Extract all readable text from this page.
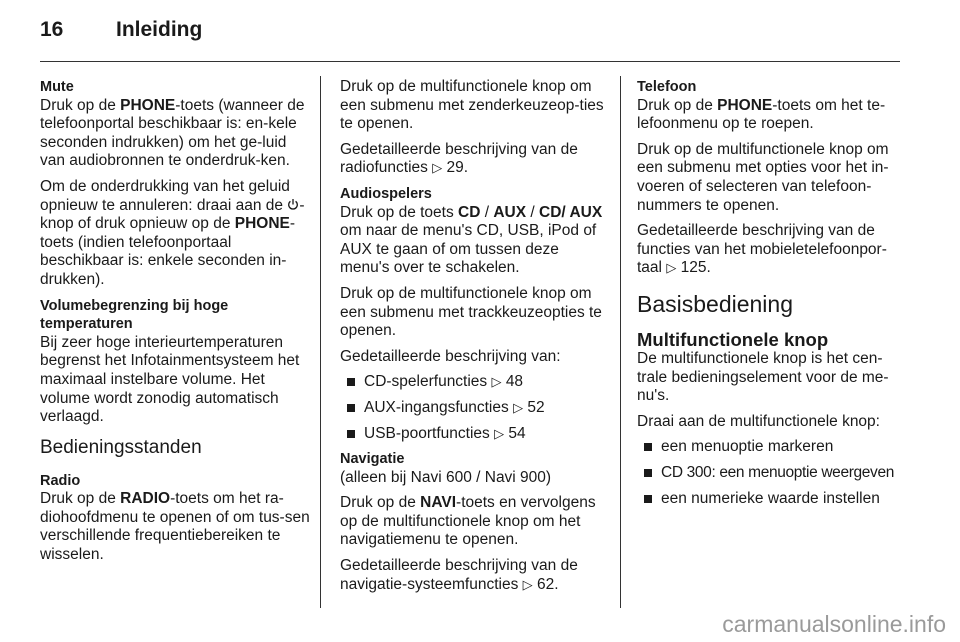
16	Inleiding

Mute
Druk op de PHONE-toets (wanneer de telefoonportal beschikbaar is: en-kele seconden indrukken) om het ge-luid van audiobronnen te onderdruk-ken.

Om de onderdrukking van het geluid opnieuw te annuleren: draai aan de -knop of druk opnieuw op de PHONE-toets (indien telefoonportaal beschikbaar is: enkele seconden in-drukken).

Volumebegrenzing bij hoge temperaturen
Bij zeer hoge interieurtemperaturen begrenst het Infotainmentsysteem het maximaal instelbare volume. Het volume wordt zonodig automatisch verlaagd.

Bedieningsstanden

Radio
Druk op de RADIO-toets om het ra-diohoofdmenu te openen of om tus-sen verschillende frequentiebereiken te wisselen.

Druk op de multifunctionele knop om een submenu met zenderkeuzeop-ties te openen.

Gedetailleerde beschrijving van de radiofuncties ▷ 29.

Audiospelers
Druk op de toets CD / AUX / CD/ AUX om naar de menu's CD, USB, iPod of AUX te gaan of om tussen deze menu's over te schakelen.

Druk op de multifunctionele knop om een submenu met trackkeuzeopties te openen.

Gedetailleerde beschrijving van:

CD-spelerfuncties ▷ 48
AUX-ingangsfuncties ▷ 52
USB-poortfuncties ▷ 54

Navigatie
(alleen bij Navi 600 / Navi 900)

Druk op de NAVI-toets en vervolgens op de multifunctionele knop om het navigatiemenu te openen.

Gedetailleerde beschrijving van de navigatie-systeemfuncties ▷ 62.

Telefoon
Druk op de PHONE-toets om het te-lefoonmenu op te roepen.

Druk op de multifunctionele knop om een submenu met opties voor het in-voeren of selecteren van telefoon-nummers te openen.

Gedetailleerde beschrijving van de functies van het mobieletelefoonpor-taal ▷ 125.

Basisbediening

Multifunctionele knop
De multifunctionele knop is het cen-trale bedieningselement voor de me-nu's.

Draai aan de multifunctionele knop:

een menuoptie markeren
CD 300: een menuoptie weergeven
een numerieke waarde instellen
carmanualsonline.info
